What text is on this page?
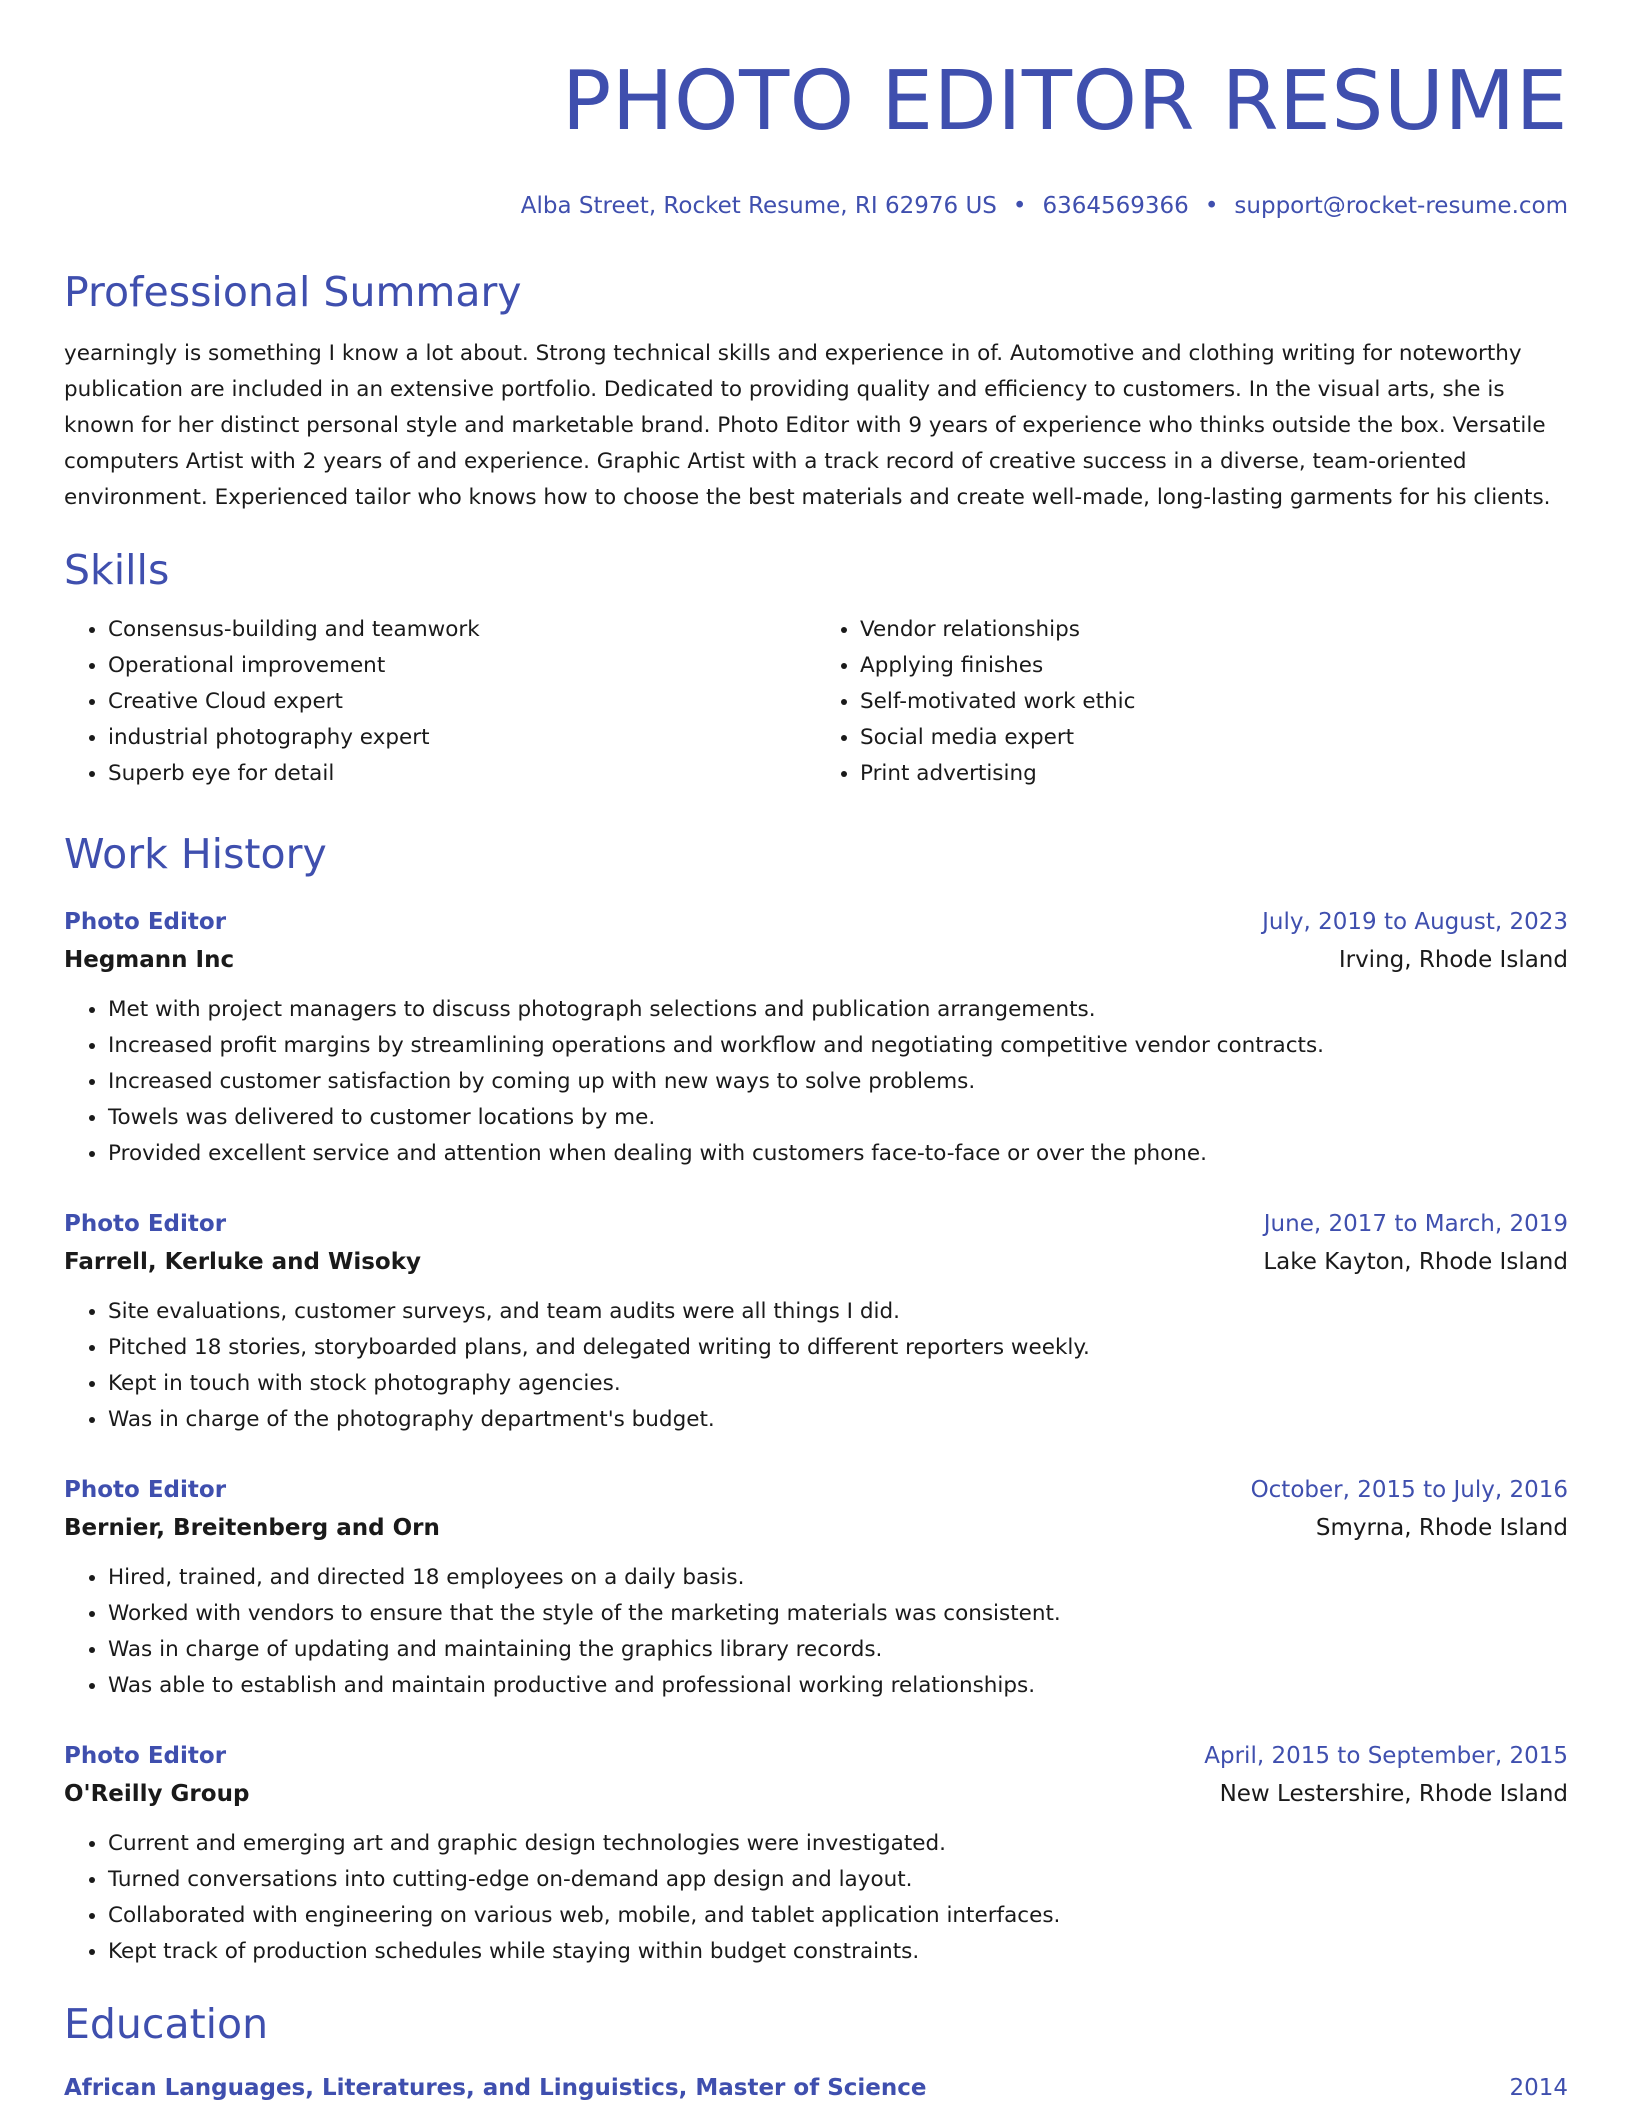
PHOTO EDITOR RESUME
Alba Street, Rocket Resume, RI 62976 US • 6364569366 • support@rocket-resume.com
Professional Summary
yearningly is something I know a lot about. Strong technical skills and experience in of. Automotive and clothing writing for noteworthy publication are included in an extensive portfolio. Dedicated to providing quality and efficiency to customers. In the visual arts, she is known for her distinct personal style and marketable brand. Photo Editor with 9 years of experience who thinks outside the box. Versatile computers Artist with 2 years of and experience. Graphic Artist with a track record of creative success in a diverse, team-oriented environment. Experienced tailor who knows how to choose the best materials and create well-made, long-lasting garments for his clients.
Skills
• Consensus-building and teamwork
• Operational improvement
• Creative Cloud expert
• industrial photography expert
• Superb eye for detail
• Vendor relationships
• Applying finishes
• Self-motivated work ethic
• Social media expert
• Print advertising
Work History
Photo Editor	July, 2019 to August, 2023
Hegmann Inc	Irving, Rhode Island
• Met with project managers to discuss photograph selections and publication arrangements.
• Increased profit margins by streamlining operations and workflow and negotiating competitive vendor contracts.
• Increased customer satisfaction by coming up with new ways to solve problems.
• Towels was delivered to customer locations by me.
• Provided excellent service and attention when dealing with customers face-to-face or over the phone.
Photo Editor	June, 2017 to March, 2019
Farrell, Kerluke and Wisoky	Lake Kayton, Rhode Island
• Site evaluations, customer surveys, and team audits were all things I did.
• Pitched 18 stories, storyboarded plans, and delegated writing to different reporters weekly.
• Kept in touch with stock photography agencies.
• Was in charge of the photography department's budget.
Photo Editor	October, 2015 to July, 2016
Bernier, Breitenberg and Orn	Smyrna, Rhode Island
• Hired, trained, and directed 18 employees on a daily basis.
• Worked with vendors to ensure that the style of the marketing materials was consistent.
• Was in charge of updating and maintaining the graphics library records.
• Was able to establish and maintain productive and professional working relationships.
Photo Editor	April, 2015 to September, 2015
O'Reilly Group	New Lestershire, Rhode Island
• Current and emerging art and graphic design technologies were investigated.
• Turned conversations into cutting-edge on-demand app design and layout.
• Collaborated with engineering on various web, mobile, and tablet application interfaces.
• Kept track of production schedules while staying within budget constraints.
Education
African Languages, Literatures, and Linguistics, Master of Science	2014
